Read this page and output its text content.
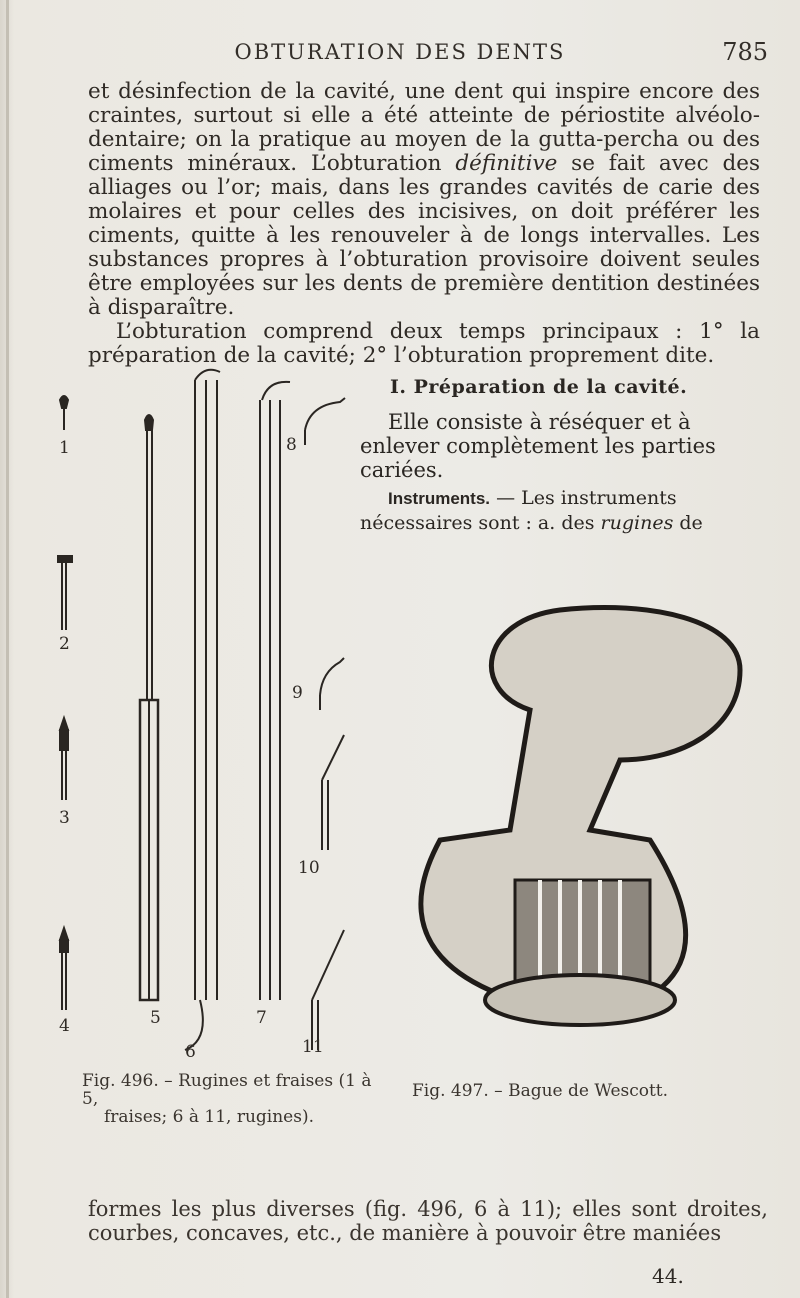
OBTURATION DES DENTS	785

et désinfection de la cavité, une dent qui inspire encore des craintes, surtout si elle a été atteinte de périostite alvéolo-dentaire; on la pratique au moyen de la gutta-percha ou des ciments minéraux. L’obturation définitive se fait avec des alliages ou l’or; mais, dans les grandes cavités de carie des molaires et pour celles des incisives, on doit préférer les ciments, quitte à les renouveler à de longs intervalles. Les substances propres à l’obturation provisoire doivent seules être employées sur les dents de première dentition destinées à disparaître.

L’obturation comprend deux temps principaux : 1° la préparation de la cavité; 2° l’obturation proprement dite.

I. Préparation de la cavité.

Elle consiste à réséquer et à enlever complètement les parties cariées.

Instruments. — Les instruments nécessaires sont : a. des rugines de

1
2
3
4	5
6
7
8
9
10
11
Fig. 496. – Rugines et fraises (1 à 5,
fraises; 6 à 11, rugines).
Fig. 497. – Bague de Wescott.

formes les plus diverses (fig. 496, 6 à 11); elles sont droites, courbes, concaves, etc., de manière à pouvoir être maniées

44.
